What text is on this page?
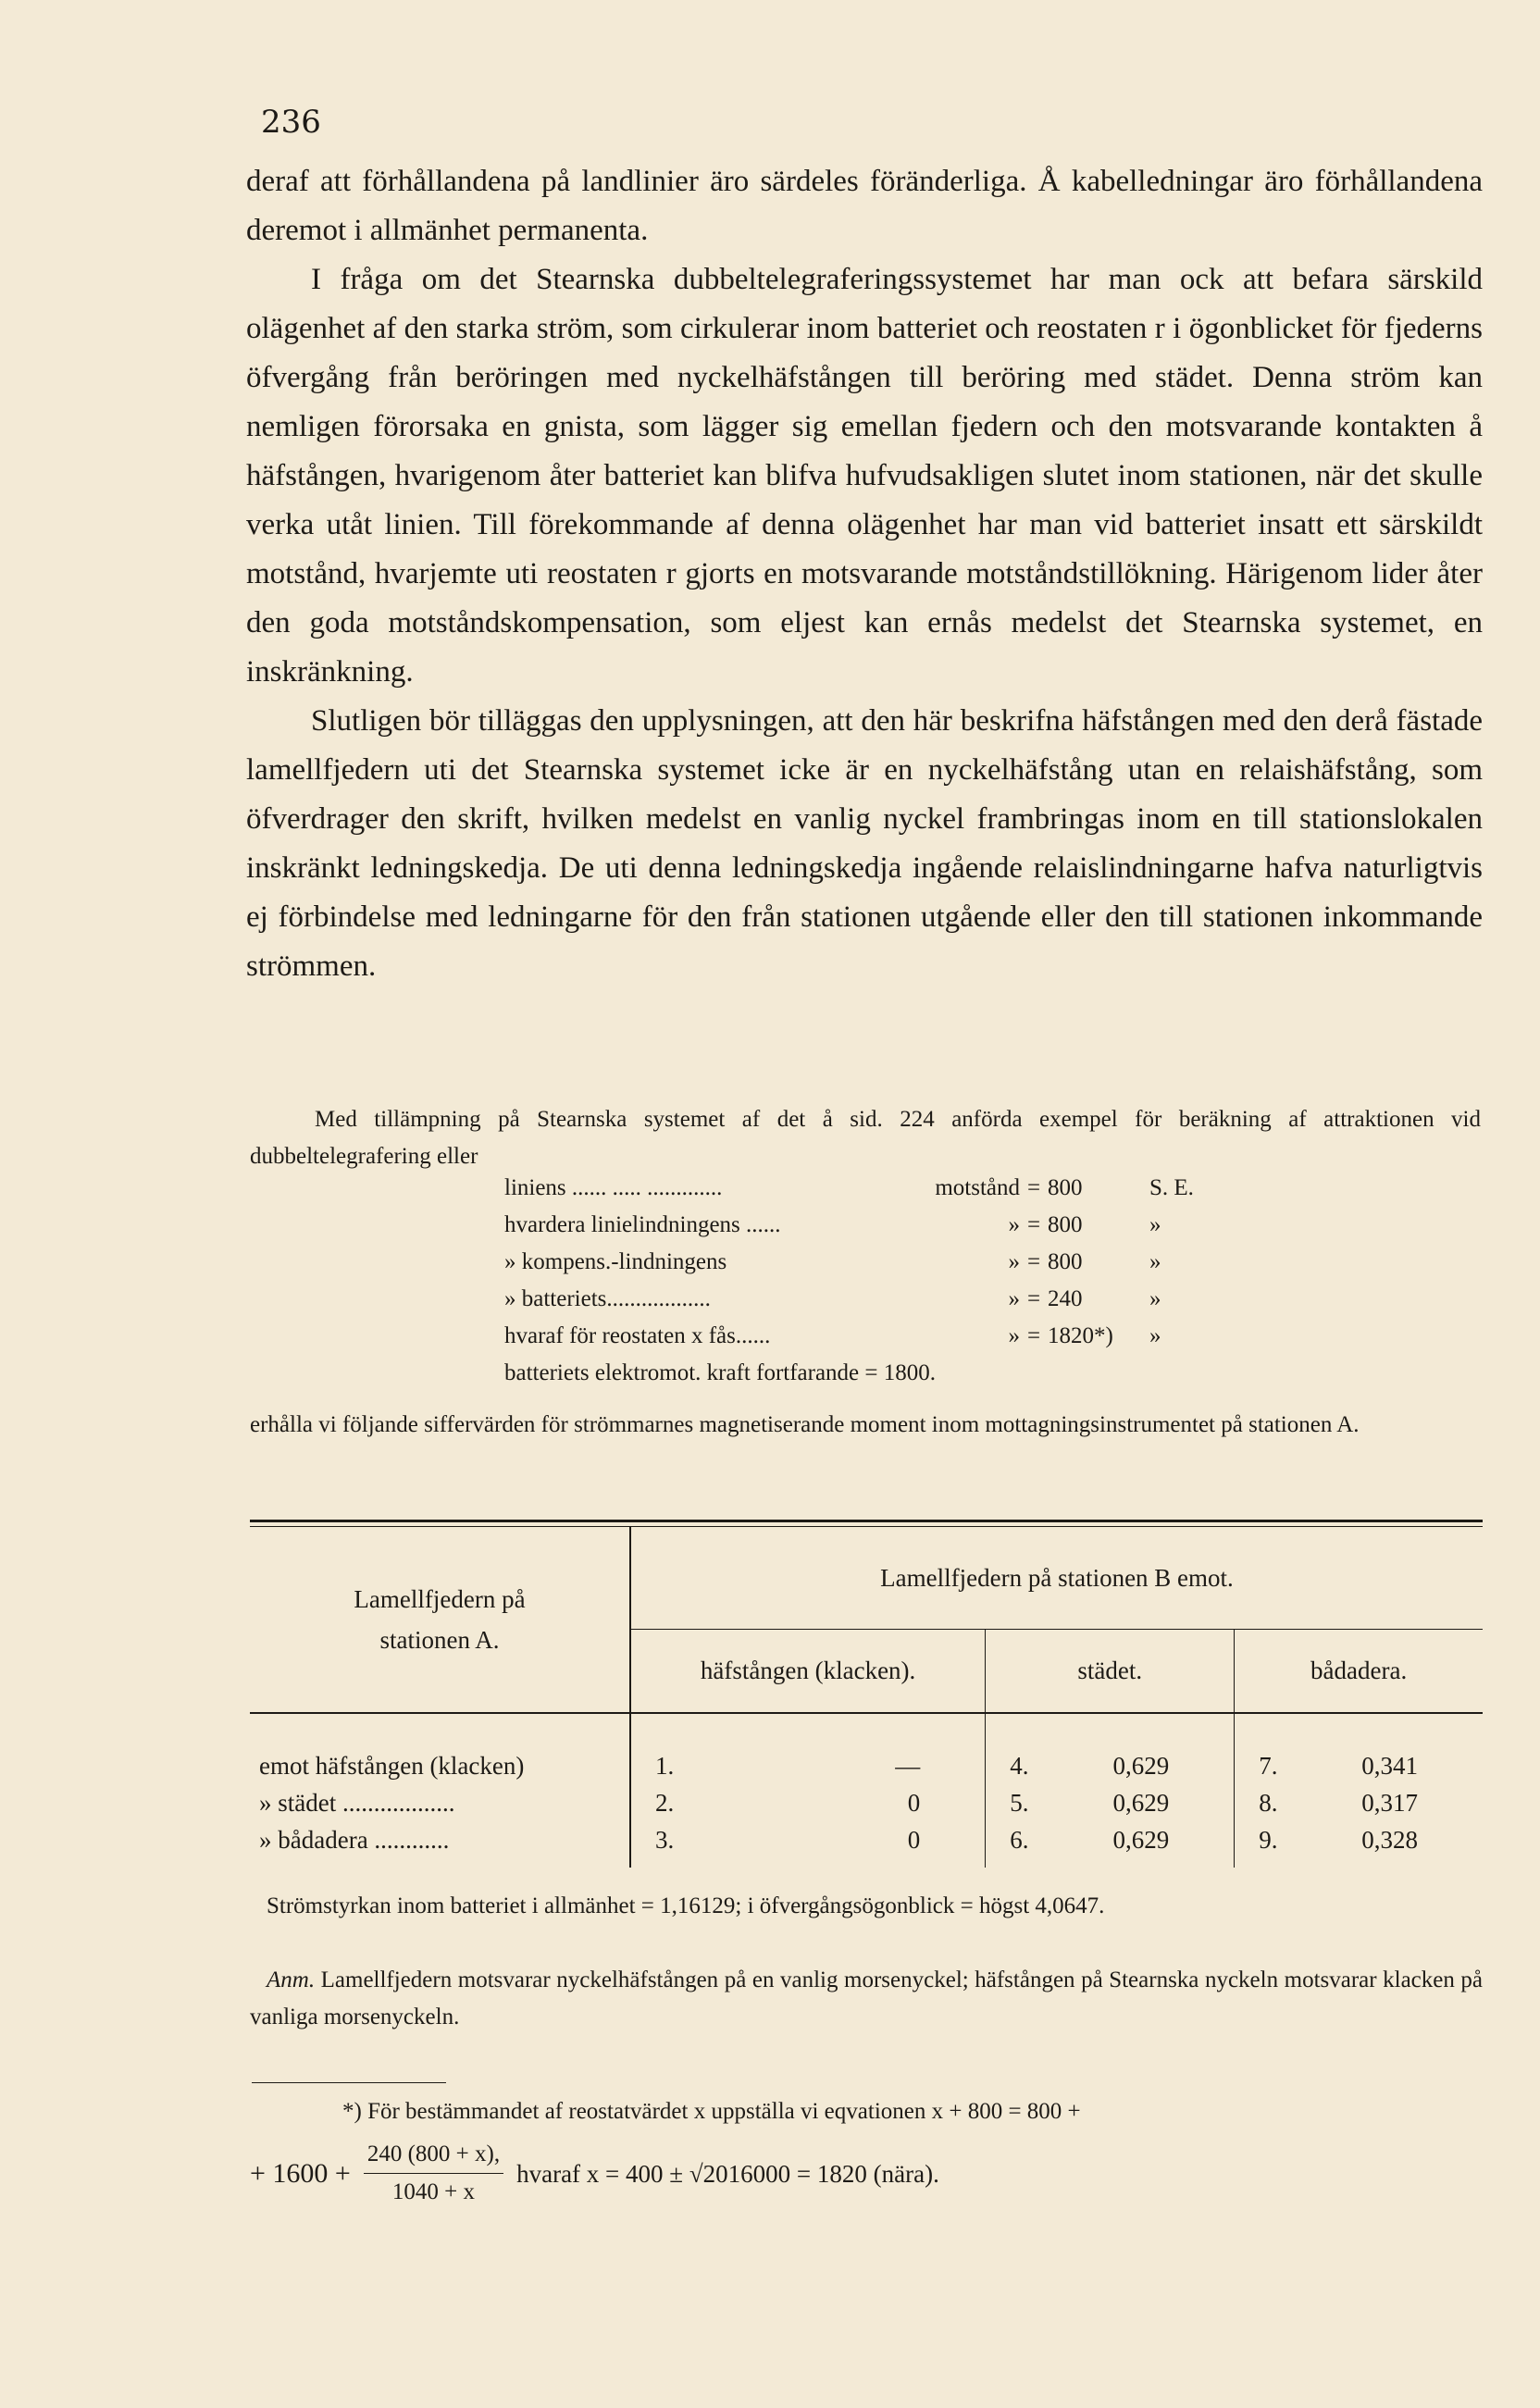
236

deraf att förhållandena på landlinier äro särdeles föränderliga. Å kabelledningar äro förhållandena deremot i allmänhet permanenta.

I fråga om det Stearnska dubbeltelegraferingssystemet har man ock att befara särskild olägenhet af den starka ström, som cirkulerar inom batteriet och reostaten r i ögonblicket för fjederns öfvergång från beröringen med nyckelhäfstången till beröring med städet. Denna ström kan nemligen förorsaka en gnista, som lägger sig emellan fjedern och den motsvarande kontakten å häfstången, hvarigenom åter batteriet kan blifva hufvudsakligen slutet inom stationen, när det skulle verka utåt linien. Till förekommande af denna olägenhet har man vid batteriet insatt ett särskildt motstånd, hvarjemte uti reostaten r gjorts en motsvarande motståndstillökning. Härigenom lider åter den goda motståndskompensation, som eljest kan ernås medelst det Stearnska systemet, en inskränkning.

Slutligen bör tilläggas den upplysningen, att den här beskrifna häfstången med den derå fästade lamellfjedern uti det Stearnska systemet icke är en nyckelhäfstång utan en relaishäfstång, som öfverdrager den skrift, hvilken medelst en vanlig nyckel frambringas inom en till stationslokalen inskränkt ledningskedja. De uti denna ledningskedja ingående relaislindningarne hafva naturligtvis ej förbindelse med ledningarne för den från stationen utgående eller den till stationen inkommande strömmen.

Med tillämpning på Stearnska systemet af det å sid. 224 anförda exempel för beräkning af attraktionen vid dubbeltelegrafering eller
liniens ...... ..... .............	motstånd = 800	S. E.
hvardera linielindningens ......	» = 800	»
» kompens.-lindningens	» = 800	»
» batteriets..................	» = 240	»
hvaraf för reostaten x fås......	» = 1820*)	»
batteriets elektromot. kraft fortfarande = 1800.
erhålla vi följande siffervärden för strömmarnes magnetiserande moment inom mottagningsinstrumentet på stationen A.
Lamellfjedern på
stationen A.	Lamellfjedern på stationen B emot.		
	häfstången (klacken).	städet.	bådadera.

emot häfstången (klacken)	1. —	4. 0,629	7. 0,341

» städet ..................	2. 0	5. 0,629	8. 0,317

» bådadera ............	3. 0	6. 0,629	9. 0,328
Strömstyrkan inom batteriet i allmänhet = 1,16129; i öfvergångsögonblick = högst 4,0647.
Anm. Lamellfjedern motsvarar nyckelhäfstången på en vanlig morsenyckel; häfstången på Stearnska nyckeln motsvarar klacken på vanliga morsenyckeln.
*) För bestämmandet af reostatvärdet x uppställa vi eqvationen x + 800 = 800 +
+ $1600 + \frac{240 (800 + x),}{1040 + x}$ hvaraf x = 400 ± √2016000 = 1820 (nära).
